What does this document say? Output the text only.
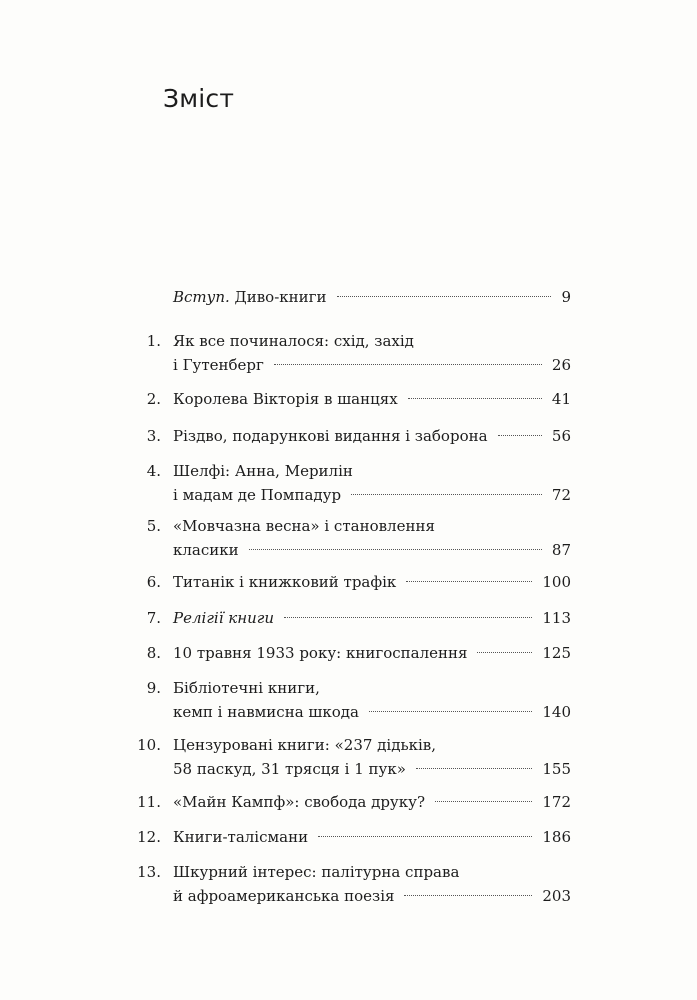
Зміст
Вступ. Диво-книги	9
1. Як все починалося: схід, захід
і Гутенберг	26
2. Королева Вікторія в шанцях	41
3. Різдво, подарункові видання і заборона	56
4. Шелфі: Анна, Мерилін
і мадам де Помпадур	72
5. «Мовчазна весна» і становлення
класики	87
6. Титанік і книжковий трафік	100
7. Релігії книги	113
8. 10 травня 1933 року: книгоспалення	125
9. Бібліотечні книги,
кемп і навмисна шкода	140
10. Цензуровані книги: «237 дідьків,
58 паскуд, 31 трясця і 1 пук»	155
11. «Майн Кампф»: свобода друку?	172
12. Книги-талісмани	186
13. Шкурний інтерес: палітурна справа
й афроамериканська поезія	203
